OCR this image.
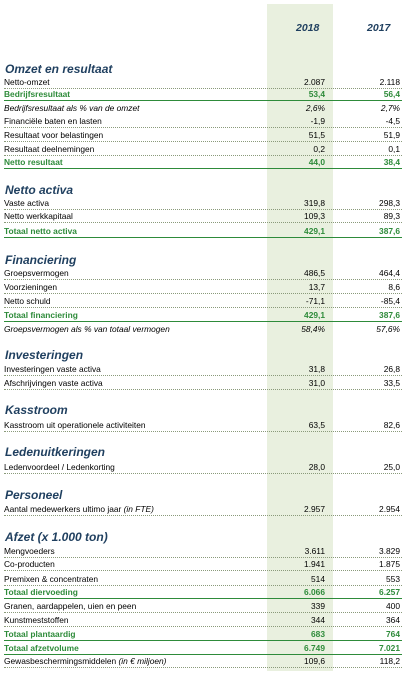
2018	2017
Omzet en resultaat
Netto-omzet	2.087	2.118
Bedrijfsresultaat	53,4	56,4
Bedrijfsresultaat als % van de omzet	2,6%	2,7%
Financiële baten en lasten	-1,9	-4,5
Resultaat voor belastingen	51,5	51,9
Resultaat deelnemingen	0,2	0,1
Netto resultaat	44,0	38,4
Netto activa
Vaste activa	319,8	298,3
Netto werkkapitaal	109,3	89,3
Totaal netto activa	429,1	387,6
Financiering
Groepsvermogen	486,5	464,4
Voorzieningen	13,7	8,6
Netto schuld	-71,1	-85,4
Totaal financiering	429,1	387,6
Groepsvermogen als % van totaal vermogen	58,4%	57,6%
Investeringen
Investeringen vaste activa	31,8	26,8
Afschrijvingen vaste activa	31,0	33,5
Kasstroom
Kasstroom uit operationele activiteiten	63,5	82,6
Ledenuitkeringen
Ledenvoordeel / Ledenkorting	28,0	25,0
Personeel
Aantal medewerkers ultimo jaar (in FTE)	2.957	2.954
Afzet (x 1.000 ton)
Mengvoeders	3.611	3.829
Co-producten	1.941	1.875
Premixen & concentraten	514	553
Totaal diervoeding	6.066	6.257
Granen, aardappelen, uien en peen	339	400
Kunstmeststoffen	344	364
Totaal plantaardig	683	764
Totaal afzetvolume	6.749	7.021
Gewasbeschermingsmiddelen (in € miljoen)	109,6	118,2
